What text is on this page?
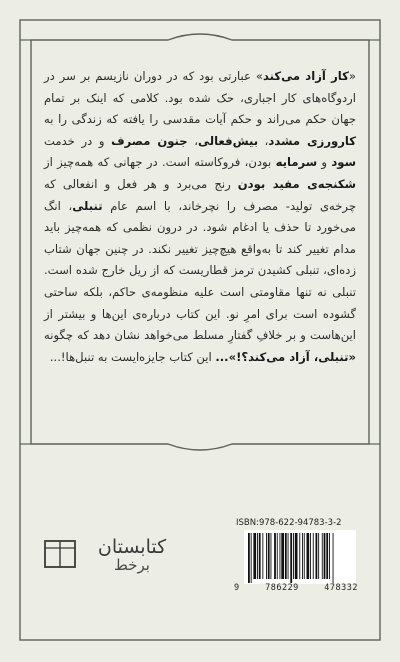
«کار آزاد می‌کند» عبارتی بود که در دوران نازیسم بر سر در اردوگاه‌های کار اجباری، حک شده بود. کلامی که اینک بر تمام جهان حکم می‌راند و حکم آیات مقدسی را یافته که زندگی را به کارورزی مشدد، بیش‌فعالی، جنون مصرف و در خدمت سود و سرمایه بودن، فروکاسته است. در جهانی که همه‌چیز از شکنجه‌ی مفید بودن رنج می‌برد و هر فعل و انفعالی که چرخه‌ی تولید- مصرف را نچرخاند، با اسم عام تنبلی، انگ می‌خورد تا حذف یا ادغام شود. در درون نظمی که همه‌چیز باید مدام تغییر کند تا به‌واقع هیچ‌چیز تغییر نکند. در چنین جهان شتاب زده‌ای، تنبلی کشیدن ترمز قطاریست که از ریل خارج شده است. تنبلی نه تنها مقاومتی است علیه منظومه‌ی حاکم، بلکه ساحتی گشوده است برای امرِ نو. این کتاب درباره‌ی این‌ها و بیشتر از این‌هاست و بر خلافِ گفتارِ مسلط می‌خواهد نشان دهد که چگونه «تنبلی، آزاد می‌کند؟!»... این کتاب جایزه‌ایست به تنبل‌ها!...
کتابستان
برخط
ISBN:978-622-94783-3-2
9	786229	478332
